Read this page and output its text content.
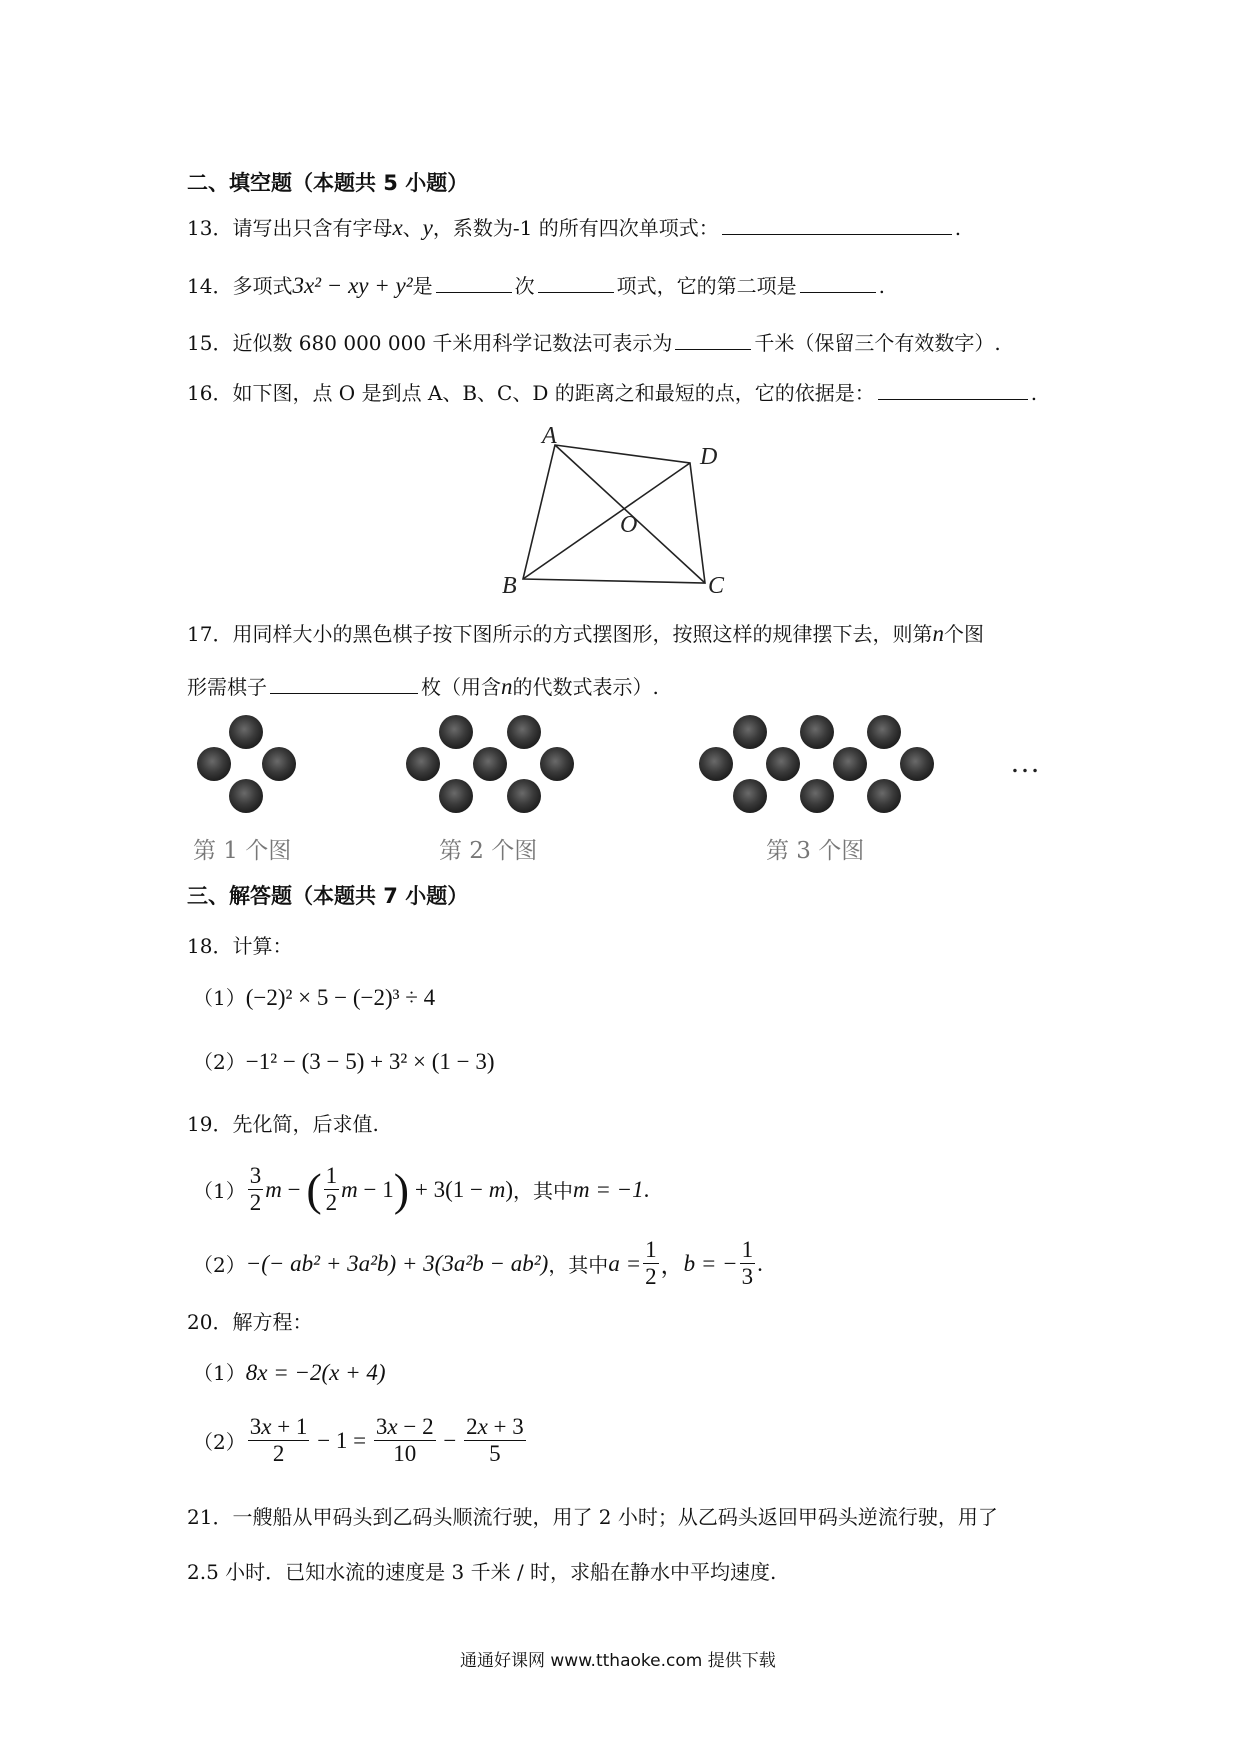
二、填空题（本题共 5 小题）
13．请写出只含有字母x、y，系数为-1 的所有四次单项式：	.
14．多项式3x² − xy + y²是	次	项式，它的第二项是	.
15．近似数 680 000 000 千米用科学记数法可表示为	千米（保留三个有效数字）.
16．如下图，点 O 是到点 A、B、C、D 的距离之和最短的点，它的依据是：	.
A
D
O
B	C
17．用同样大小的黑色棋子按下图所示的方式摆图形，按照这样的规律摆下去，则第n个图
形需棋子	枚（用含n的代数式表示）.
…
第 1 个图	第 2 个图	第 3 个图
三、解答题（本题共 7 小题）
18．计算：
（1）(−2)² × 5 − (−2)³ ÷ 4
（2）−1² − (3 − 5) + 3² × (1 − 3)
19．先化简，后求值.
$(1) \frac{3}{2}$ m − ( $\frac{1}{2}$ m − 1 ) + 3(1 − m ) ，其中 m = −1 .
（2） −(− ab² + 3a²b) + 3(3a²b − ab²) ，其中 $a = \frac{1}{2}$ ， b = − $\frac{1}{3}$ .
20．解方程：
（1）8x = −2(x + 4)
$(2) \frac{3x + 1}{2} - 1 = \frac{3x - 2}{10} - \frac{2x + 3}{5}$
21．一艘船从甲码头到乙码头顺流行驶，用了 2 小时；从乙码头返回甲码头逆流行驶，用了
2.5 小时．已知水流的速度是 3 千米 / 时，求船在静水中平均速度.
通通好课网 www.tthaoke.com 提供下载
